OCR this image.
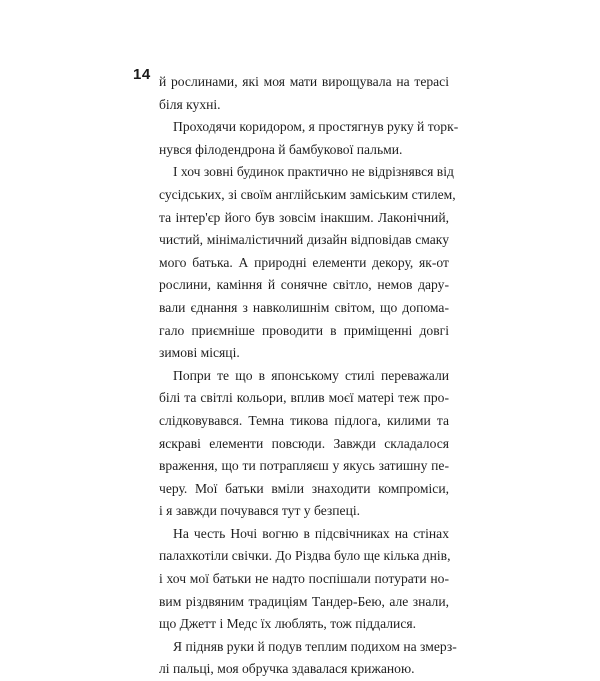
14 й рослинами, які моя мати вирощувала на терасі
біля кухні.
Проходячи коридором, я простягнув руку й торк-
нувся філодендрона й бамбукової пальми.
І хоч зовні будинок практично не відрізнявся від
сусідських, зі своїм англійським заміським стилем,
та інтер'єр його був зовсім інакшим. Лаконічний,
чистий, мінімалістичний дизайн відповідав смаку
мого батька. А природні елементи декору, як-от
рослини, каміння й сонячне світло, немов дару-
вали єднання з навколишнім світом, що допома-
гало приємніше проводити в приміщенні довгі
зимові місяці.
Попри те що в японському стилі переважали
білі та світлі кольори, вплив моєї матері теж про-
слідковувався. Темна тикова підлога, килими та
яскраві елементи повсюди. Завжди складалося
враження, що ти потрапляєш у якусь затишну пе-
черу. Мої батьки вміли знаходити компроміси,
і я завжди почувався тут у безпеці.
На честь Ночі вогню в підсвічниках на стінах
палахкотіли свічки. До Різдва було ще кілька днів,
і хоч мої батьки не надто поспішали потурати но-
вим різдвяним традиціям Тандер-Бею, але знали,
що Джетт і Медс їх люблять, тож піддалися.
Я підняв руки й подув теплим подихом на змерз-
лі пальці, моя обручка здавалася крижаною.
